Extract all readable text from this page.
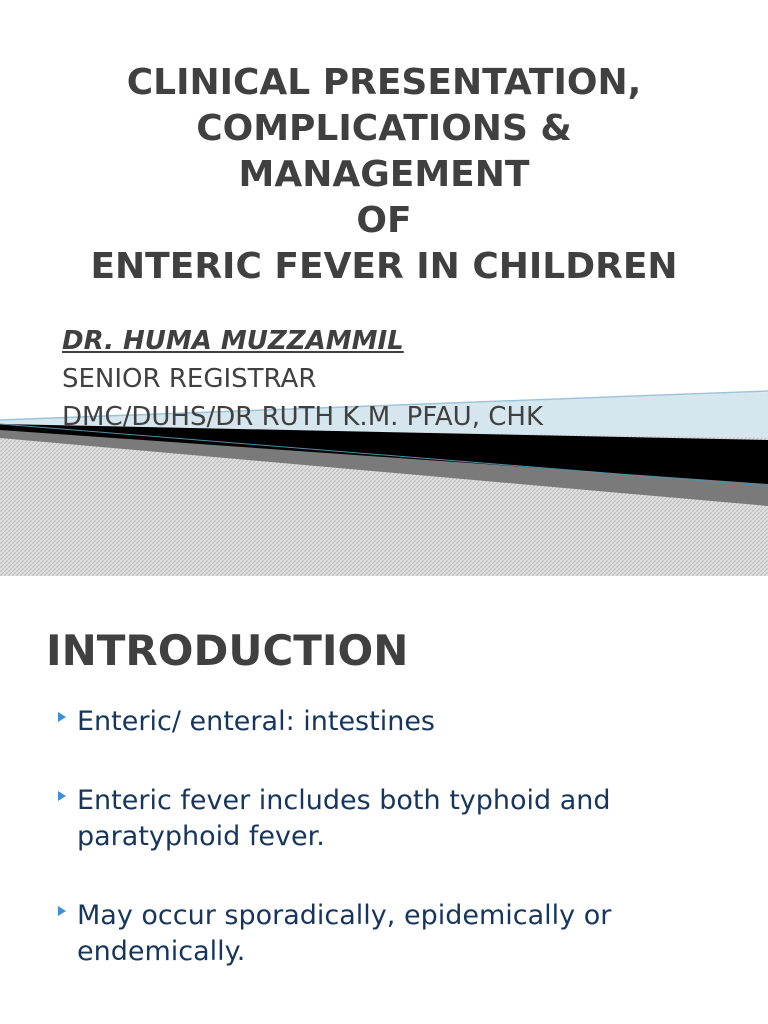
CLINICAL PRESENTATION,
COMPLICATIONS &
MANAGEMENT
OF
ENTERIC FEVER IN CHILDREN
DR. HUMA MUZZAMMIL
SENIOR REGISTRAR
DMC/DUHS/DR RUTH K.M. PFAU, CHK
INTRODUCTION
Enteric/ enteral: intestines
Enteric fever includes both typhoid and
paratyphoid fever.
May occur sporadically, epidemically or
endemically.
